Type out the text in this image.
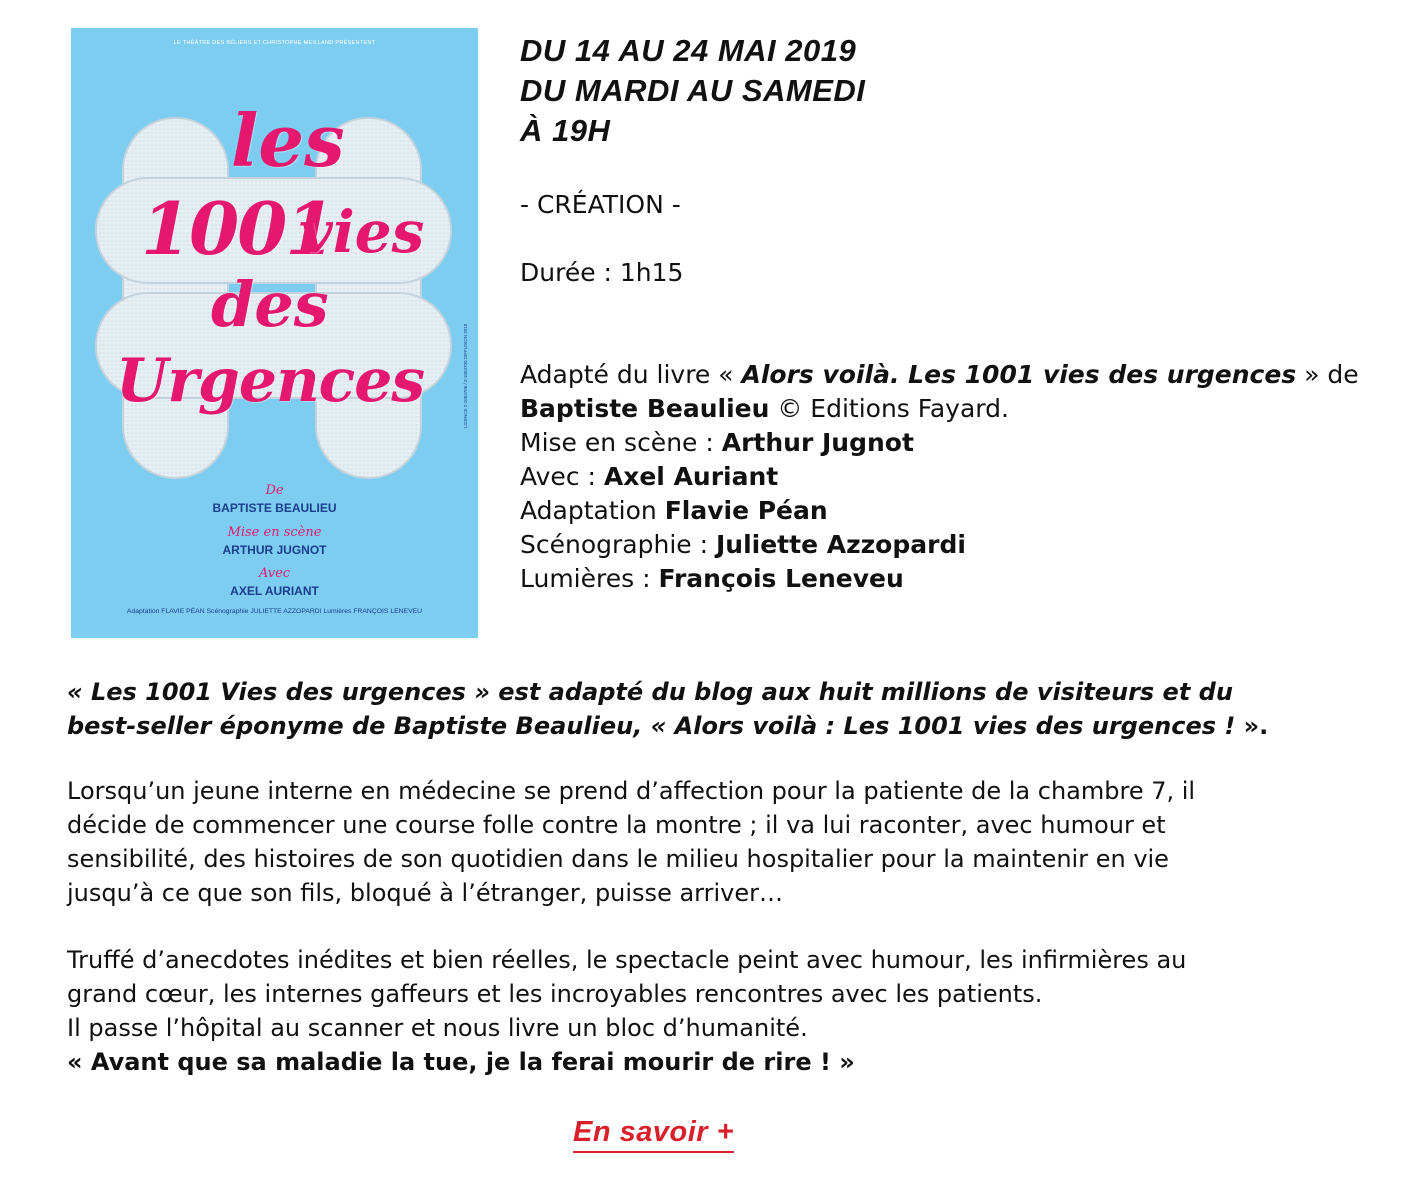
LE THÉÂTRE DES BÉLIERS ET CHRISTOPHE MEILLAND PRÉSENTENT
les
1001
vies
des
Urgences
De
BAPTISTE BEAULIEU
Mise en scène
ARTHUR JUGNOT
Avec
AXEL AURIANT
Adaptation FLAVIE PÉAN Scénographie JULIETTE AZZOPARDI Lumières FRANÇOIS LENEVEU
LICENCE 2-1053706 / 3-1053700 DIFFUSION 2019
DU 14 AU 24 MAI 2019
DU MARDI AU SAMEDI
À 19H
- CRÉATION -
Durée : 1h15
Adapté du livre « Alors voilà. Les 1001 vies des urgences » de
Baptiste Beaulieu © Editions Fayard.
Mise en scène : Arthur Jugnot
Avec : Axel Auriant
Adaptation Flavie Péan
Scénographie : Juliette Azzopardi
Lumières : François Leneveu
« Les 1001 Vies des urgences » est adapté du blog aux huit millions de visiteurs et du
best-seller éponyme de Baptiste Beaulieu, « Alors voilà : Les 1001 vies des urgences ! ».
Lorsqu’un jeune interne en médecine se prend d’affection pour la patiente de la chambre 7, il
décide de commencer une course folle contre la montre ; il va lui raconter, avec humour et
sensibilité, des histoires de son quotidien dans le milieu hospitalier pour la maintenir en vie
jusqu’à ce que son fils, bloqué à l’étranger, puisse arriver…
Truffé d’anecdotes inédites et bien réelles, le spectacle peint avec humour, les infirmières au
grand cœur, les internes gaffeurs et les incroyables rencontres avec les patients.
Il passe l’hôpital au scanner et nous livre un bloc d’humanité.
« Avant que sa maladie la tue, je la ferai mourir de rire ! »
En savoir +
